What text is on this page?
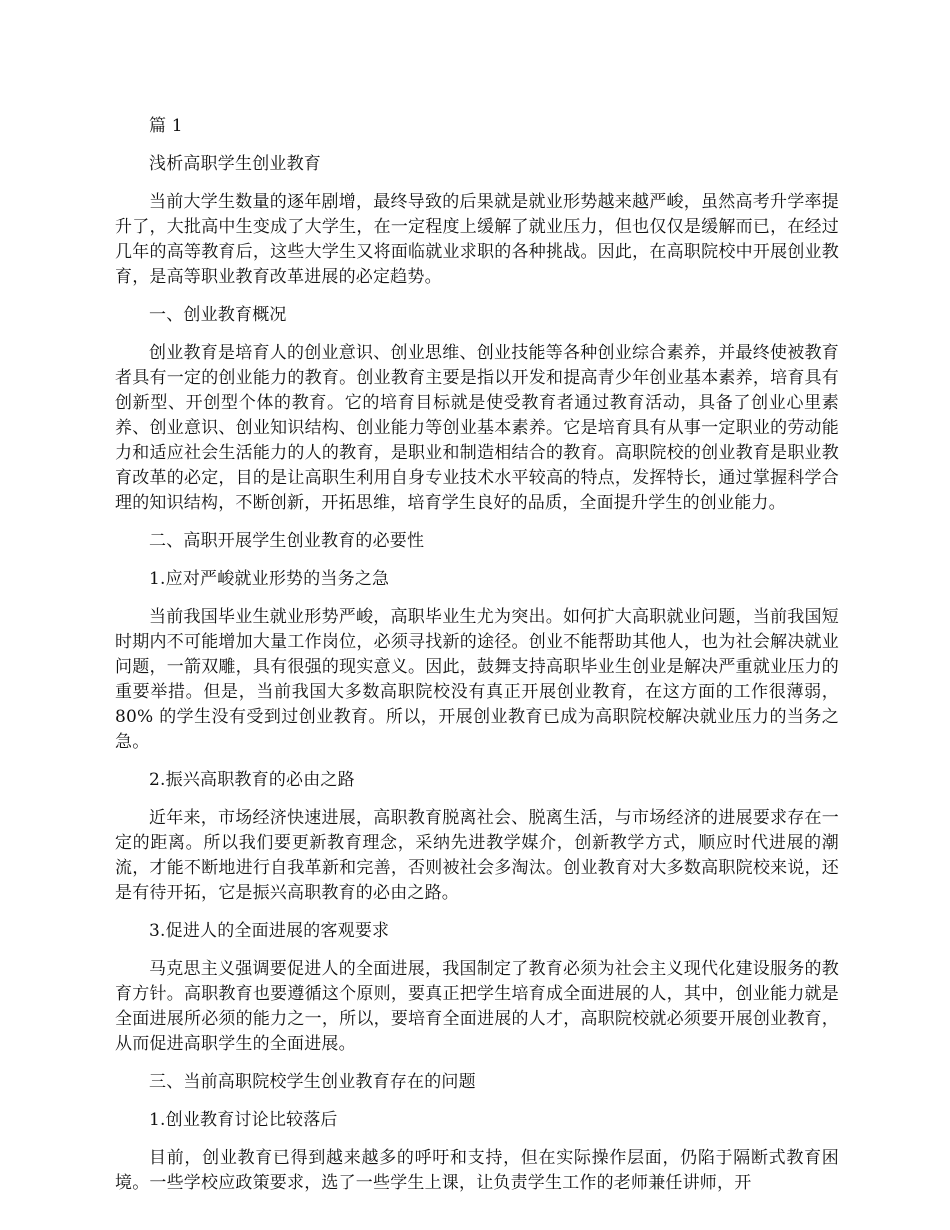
篇 1

浅析高职学生创业教育

当前大学生数量的逐年剧增，最终导致的后果就是就业形势越来越严峻，虽然高考升学率提升了，大批高中生变成了大学生，在一定程度上缓解了就业压力，但也仅仅是缓解而已，在经过几年的高等教育后，这些大学生又将面临就业求职的各种挑战。因此，在高职院校中开展创业教育，是高等职业教育改革进展的必定趋势。

一、创业教育概况

创业教育是培育人的创业意识、创业思维、创业技能等各种创业综合素养，并最终使被教育者具有一定的创业能力的教育。创业教育主要是指以开发和提高青少年创业基本素养，培育具有创新型、开创型个体的教育。它的培育目标就是使受教育者通过教育活动，具备了创业心里素养、创业意识、创业知识结构、创业能力等创业基本素养。它是培育具有从事一定职业的劳动能力和适应社会生活能力的人的教育，是职业和制造相结合的教育。高职院校的创业教育是职业教育改革的必定，目的是让高职生利用自身专业技术水平较高的特点，发挥特长，通过掌握科学合理的知识结构，不断创新，开拓思维，培育学生良好的品质，全面提升学生的创业能力。

二、高职开展学生创业教育的必要性

1.应对严峻就业形势的当务之急

当前我国毕业生就业形势严峻，高职毕业生尤为突出。如何扩大高职就业问题，当前我国短时期内不可能增加大量工作岗位，必须寻找新的途径。创业不能帮助其他人，也为社会解决就业问题，一箭双雕，具有很强的现实意义。因此，鼓舞支持高职毕业生创业是解决严重就业压力的重要举措。但是，当前我国大多数高职院校没有真正开展创业教育，在这方面的工作很薄弱，80% 的学生没有受到过创业教育。所以，开展创业教育已成为高职院校解决就业压力的当务之急。

2.振兴高职教育的必由之路

近年来，市场经济快速进展，高职教育脱离社会、脱离生活，与市场经济的进展要求存在一定的距离。所以我们要更新教育理念，采纳先进教学媒介，创新教学方式，顺应时代进展的潮流，才能不断地进行自我革新和完善，否则被社会多淘汰。创业教育对大多数高职院校来说，还是有待开拓，它是振兴高职教育的必由之路。

3.促进人的全面进展的客观要求

马克思主义强调要促进人的全面进展，我国制定了教育必须为社会主义现代化建设服务的教育方针。高职教育也要遵循这个原则，要真正把学生培育成全面进展的人，其中，创业能力就是全面进展所必须的能力之一，所以，要培育全面进展的人才，高职院校就必须要开展创业教育，从而促进高职学生的全面进展。

三、当前高职院校学生创业教育存在的问题

1.创业教育讨论比较落后

目前，创业教育已得到越来越多的呼吁和支持，但在实际操作层面，仍陷于隔断式教育困境。一些学校应政策要求，选了一些学生上课，让负责学生工作的老师兼任讲师，开
